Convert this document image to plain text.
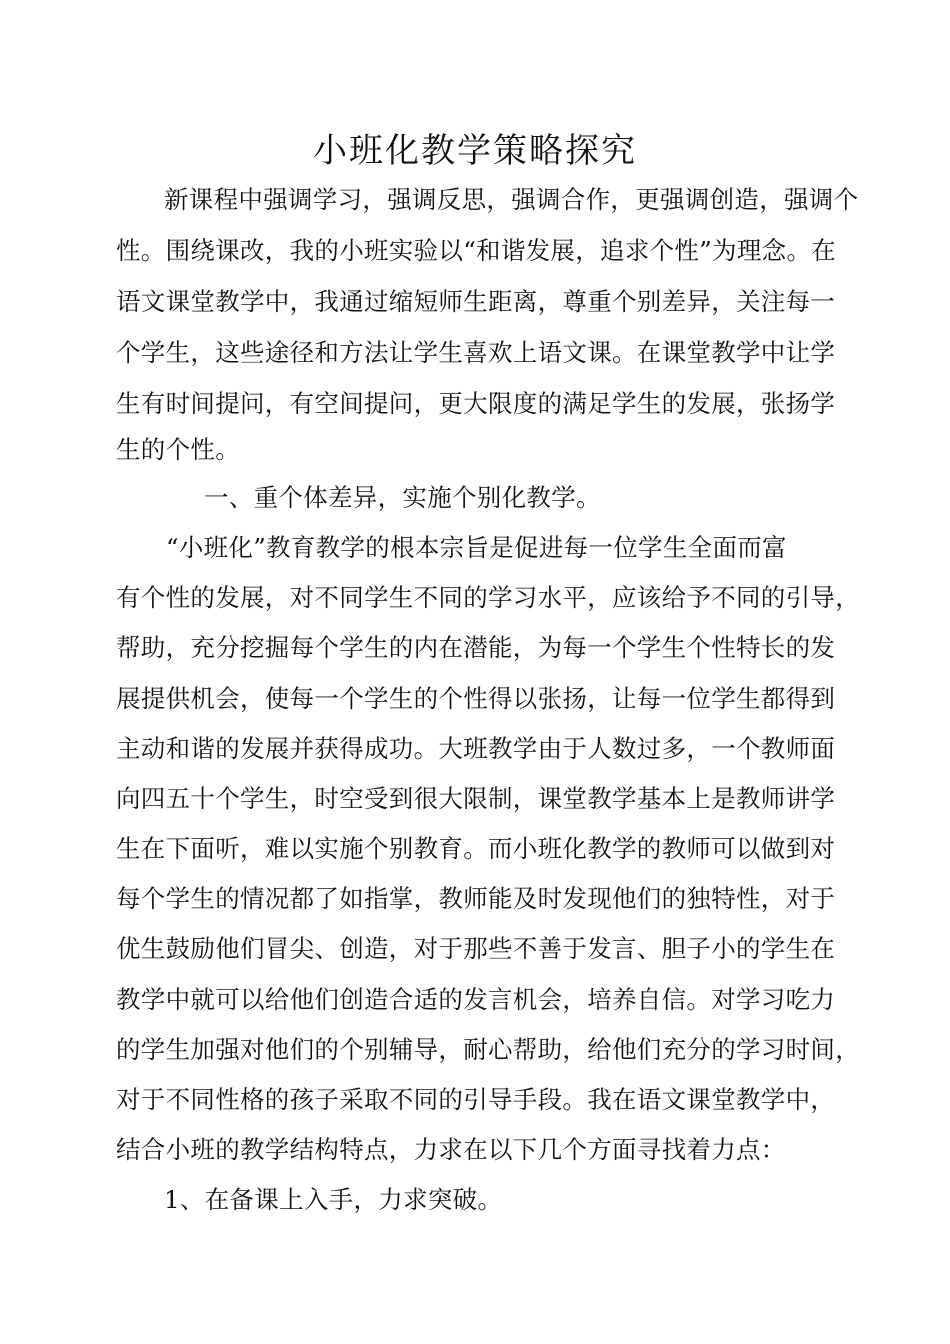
小班化教学策略探究
新课程中强调学习，强调反思，强调合作，更强调创造，强调个
性。围绕课改，我的小班实验以“和谐发展，追求个性”为理念。在
语文课堂教学中，我通过缩短师生距离，尊重个别差异，关注每一
个学生，这些途径和方法让学生喜欢上语文课。在课堂教学中让学
生有时间提问，有空间提问，更大限度的满足学生的发展，张扬学
生的个性。
一、重个体差异，实施个别化教学。
“小班化”教育教学的根本宗旨是促进每一位学生全面而富
有个性的发展，对不同学生不同的学习水平，应该给予不同的引导，
帮助，充分挖掘每个学生的内在潜能，为每一个学生个性特长的发
展提供机会，使每一个学生的个性得以张扬，让每一位学生都得到
主动和谐的发展并获得成功。大班教学由于人数过多，一个教师面
向四五十个学生，时空受到很大限制，课堂教学基本上是教师讲学
生在下面听，难以实施个别教育。而小班化教学的教师可以做到对
每个学生的情况都了如指掌，教师能及时发现他们的独特性，对于
优生鼓励他们冒尖、创造，对于那些不善于发言、胆子小的学生在
教学中就可以给他们创造合适的发言机会，培养自信。对学习吃力
的学生加强对他们的个别辅导，耐心帮助，给他们充分的学习时间，
对于不同性格的孩子采取不同的引导手段。我在语文课堂教学中，
结合小班的教学结构特点，力求在以下几个方面寻找着力点：
1、在备课上入手，力求突破。
